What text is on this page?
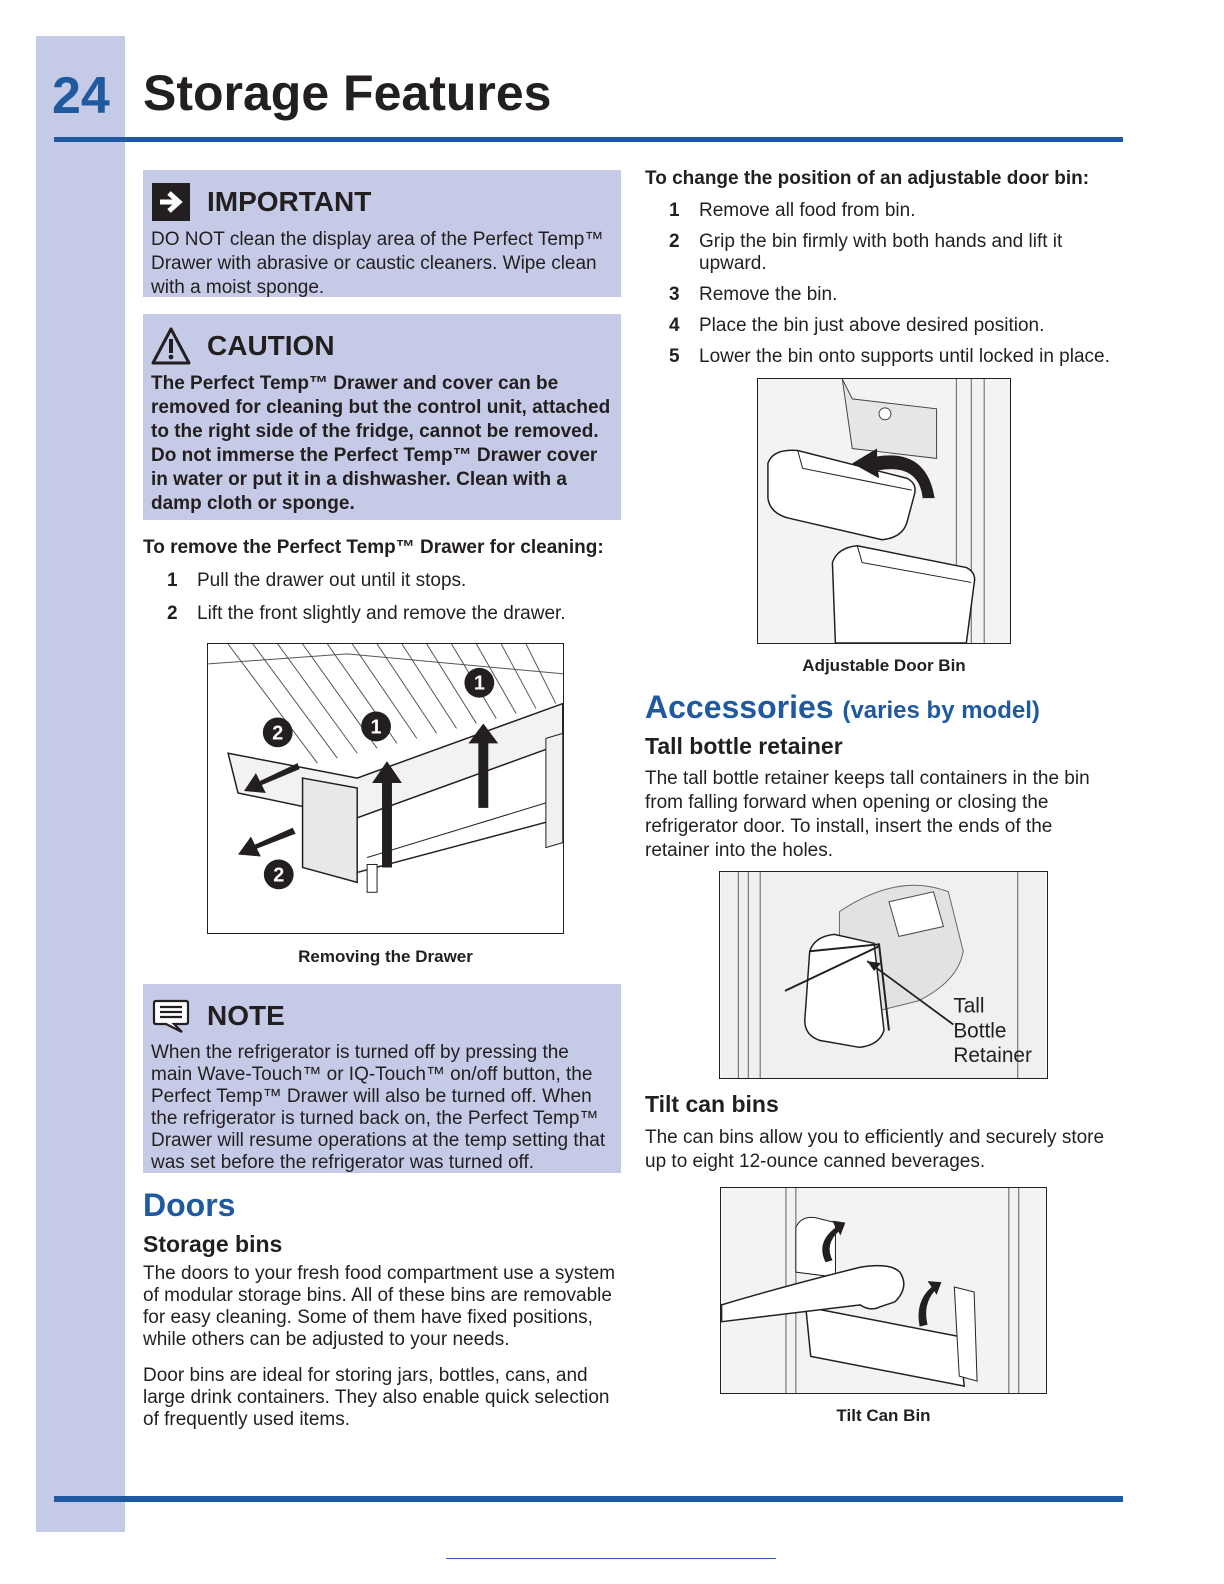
24 Storage Features
IMPORTANT
DO NOT clean the display area of the Perfect Temp™ Drawer with abrasive or caustic cleaners. Wipe clean with a moist sponge.
CAUTION
The Perfect Temp™ Drawer and cover can be removed for cleaning but the control unit, attached to the right side of the fridge, cannot be removed. Do not immerse the Perfect Temp™ Drawer cover in water or put it in a dishwasher. Clean with a damp cloth or sponge.
To remove the Perfect Temp™ Drawer for cleaning:
1 Pull the drawer out until it stops.
2 Lift the front slightly and remove the drawer.
1
1
2
2
Removing the Drawer
NOTE
When the refrigerator is turned off by pressing the main Wave-Touch™ or IQ-Touch™ on/off button, the Perfect Temp™ Drawer will also be turned off. When the refrigerator is turned back on, the Perfect Temp™ Drawer will resume operations at the temp setting that was set before the refrigerator was turned off.
Doors
Storage bins
The doors to your fresh food compartment use a system of modular storage bins. All of these bins are removable for easy cleaning. Some of them have fixed positions, while others can be adjusted to your needs.
Door bins are ideal for storing jars, bottles, cans, and large drink containers. They also enable quick selection of frequently used items.
To change the position of an adjustable door bin:
1 Remove all food from bin.
2 Grip the bin firmly with both hands and lift it upward.
3 Remove the bin.
4 Place the bin just above desired position.
5 Lower the bin onto supports until locked in place.
Adjustable Door Bin
Accessories (varies by model)
Tall bottle retainer
The tall bottle retainer keeps tall containers in the bin from falling forward when opening or closing the refrigerator door. To install, insert the ends of the retainer into the holes.
Tall
Bottle
Retainer
Tilt can bins
The can bins allow you to efficiently and securely store up to eight 12-ounce canned beverages.
Tilt Can Bin
